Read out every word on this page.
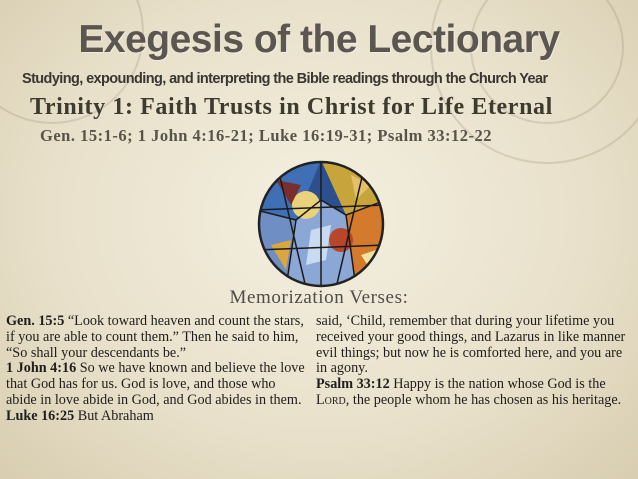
Exegesis of the Lectionary
Studying, expounding, and interpreting the Bible readings through the Church Year
Trinity 1: Faith Trusts in Christ for Life Eternal
Gen. 15:1-6; 1 John 4:16-21; Luke 16:19-31; Psalm 33:12-22
Memorization Verses:

Gen. 15:5 “Look toward heaven and count the stars, if you are able to count them.” Then he said to him, “So shall your descendants be.”

1 John 4:16 So we have known and believe the love that God has for us. God is love, and those who abide in love abide in God, and God abides in them.

Luke 16:25 But Abraham

said, ‘Child, remember that during your lifetime you received your good things, and Lazarus in like manner evil things; but now he is comforted here, and you are in agony.

Psalm 33:12 Happy is the nation whose God is the Lord, the people whom he has chosen as his heritage.
